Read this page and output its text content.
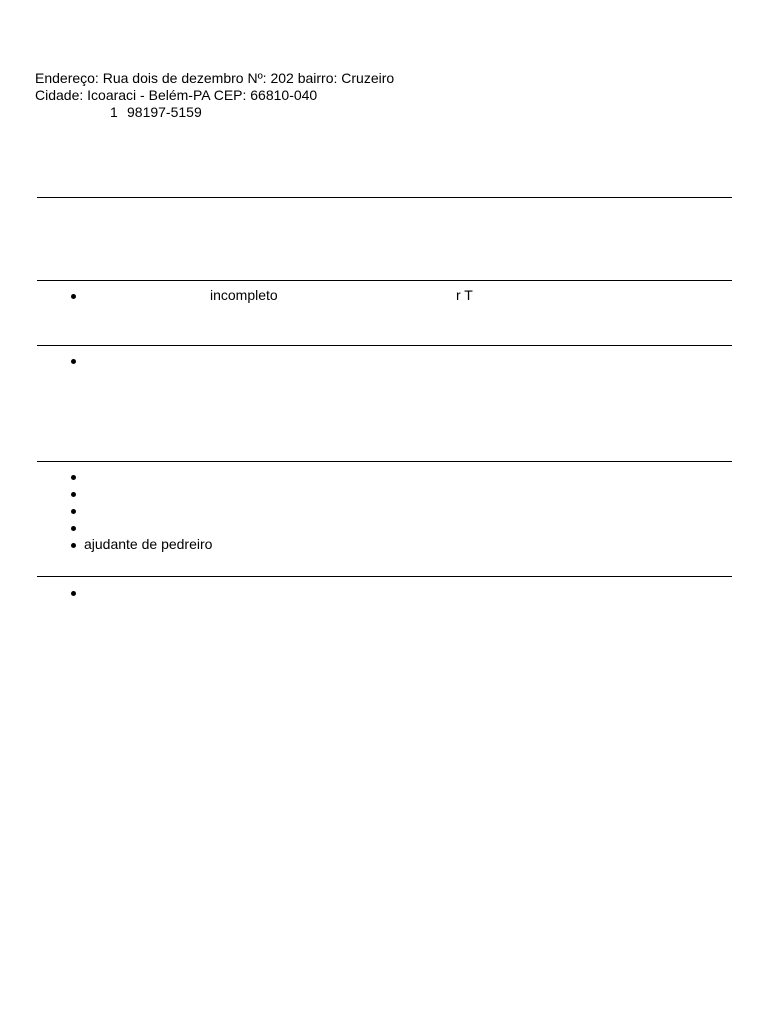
Endereço: Rua dois de dezembro Nº: 202 bairro: Cruzeiro
Cidade: Icoaraci - Belém-PA CEP: 66810-040
1 98197-5159
incompleto	r T
ajudante de pedreiro
